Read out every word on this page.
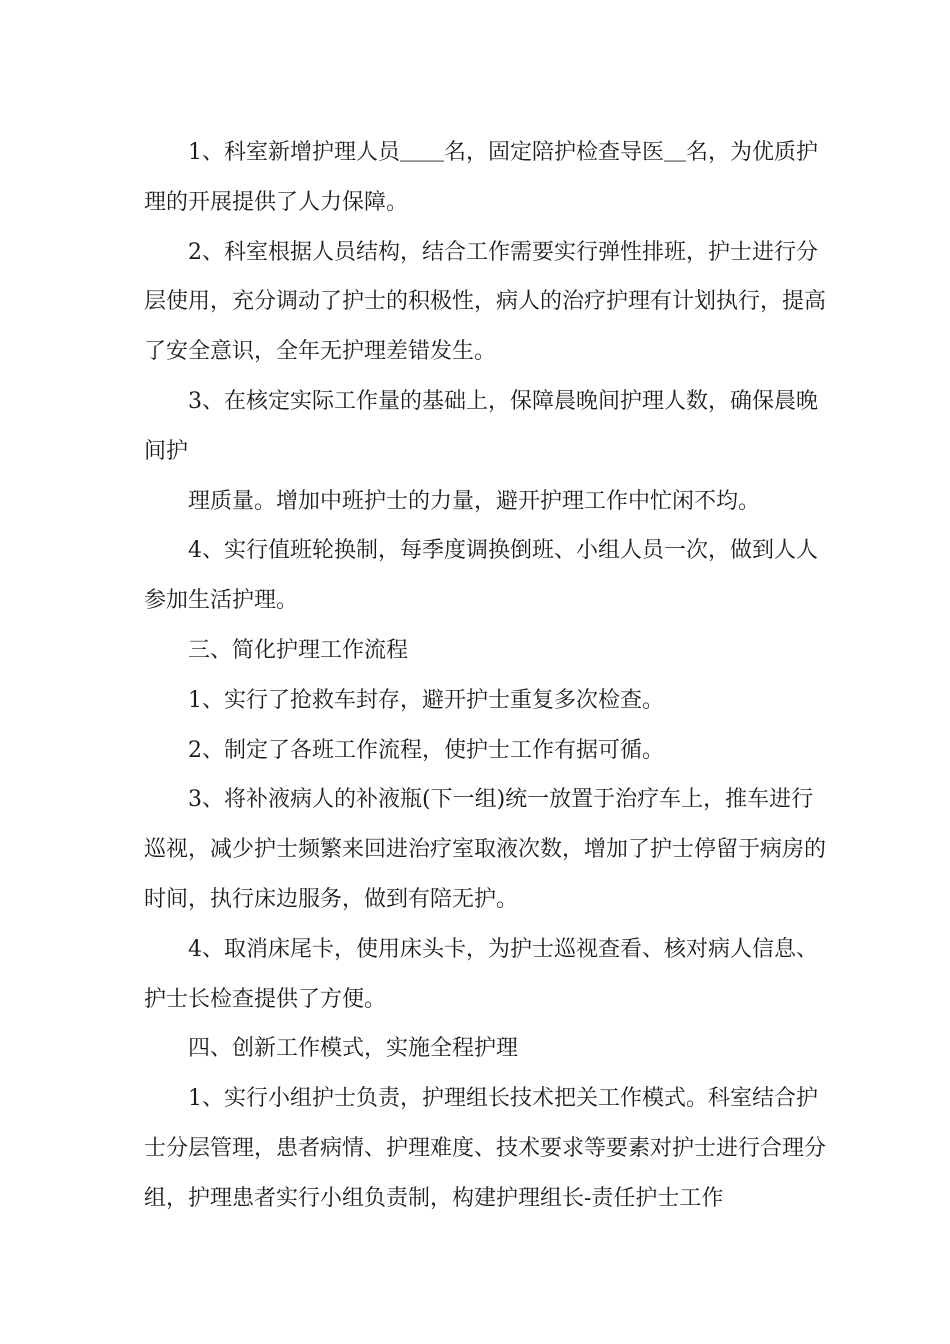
1、科室新增护理人员＿＿名，固定陪护检查导医＿名，为优质护理的开展提供了人力保障。

2、科室根据人员结构，结合工作需要实行弹性排班，护士进行分层使用，充分调动了护士的积极性，病人的治疗护理有计划执行，提高了安全意识，全年无护理差错发生。

3、在核定实际工作量的基础上，保障晨晚间护理人数，确保晨晚间护

理质量。增加中班护士的力量，避开护理工作中忙闲不均。

4、实行值班轮换制，每季度调换倒班、小组人员一次，做到人人参加生活护理。

三、简化护理工作流程

1、实行了抢救车封存，避开护士重复多次检查。

2、制定了各班工作流程，使护士工作有据可循。

3、将补液病人的补液瓶(下一组)统一放置于治疗车上，推车进行巡视，减少护士频繁来回进治疗室取液次数，增加了护士停留于病房的时间，执行床边服务，做到有陪无护。

4、取消床尾卡，使用床头卡，为护士巡视查看、核对病人信息、护士长检查提供了方便。

四、创新工作模式，实施全程护理

1、实行小组护士负责，护理组长技术把关工作模式。科室结合护士分层管理，患者病情、护理难度、技术要求等要素对护士进行合理分组，护理患者实行小组负责制，构建护理组长-责任护士工作
